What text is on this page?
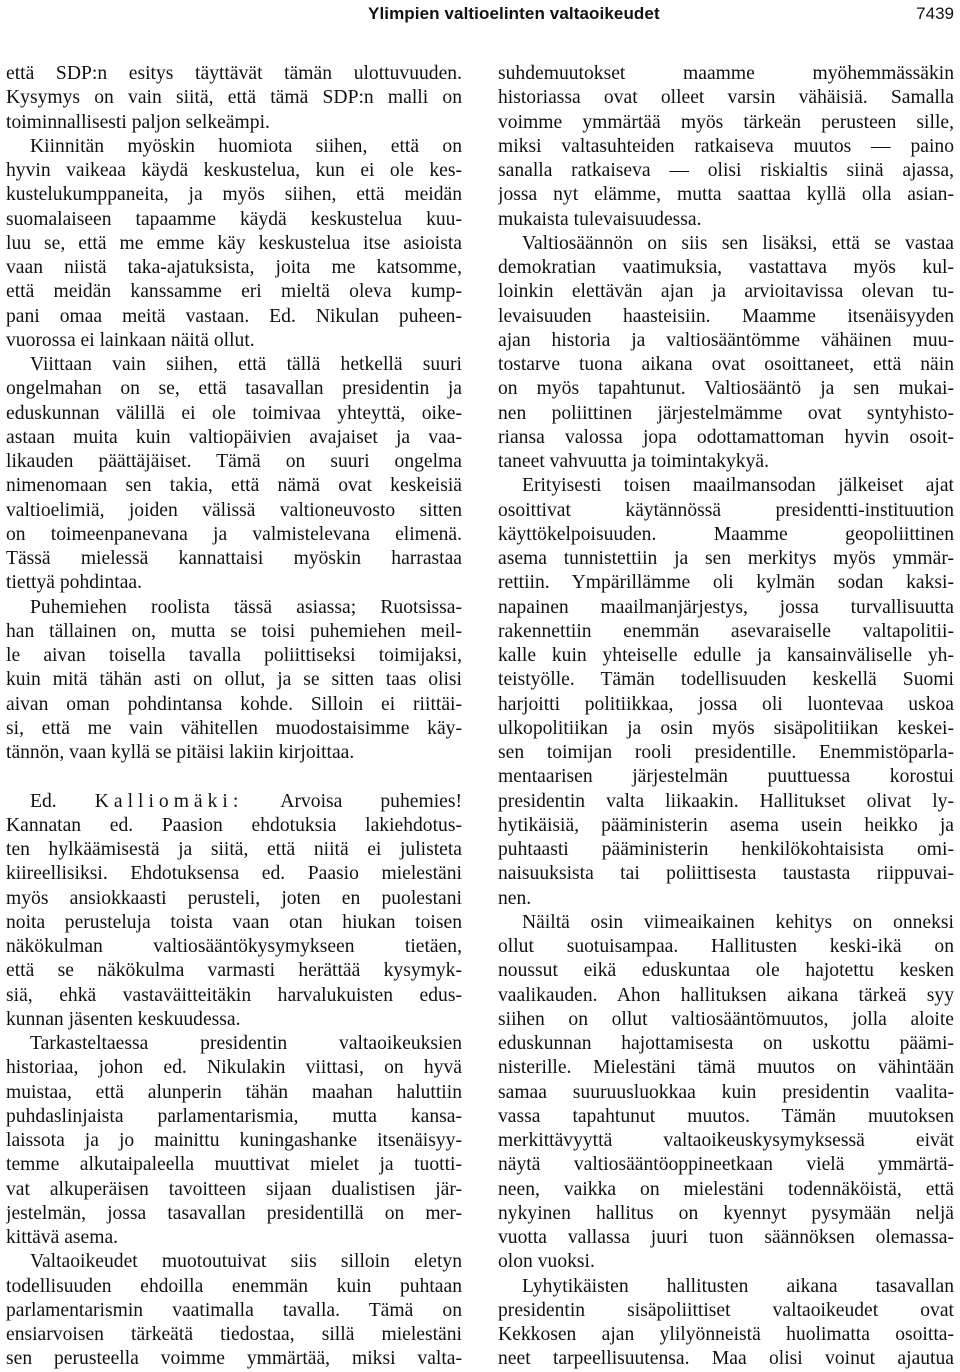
Ylimpien valtioelinten valtaoikeudet	7439
että SDP:n esitys täyttävät tämän ulottuvuuden.
Kysymys on vain siitä, että tämä SDP:n malli on
toiminnallisesti paljon selkeämpi.
Kiinnitän myöskin huomiota siihen, että on
hyvin vaikeaa käydä keskustelua, kun ei ole kes-
kustelukumppaneita, ja myös siihen, että meidän
suomalaiseen tapaamme käydä keskustelua kuu-
luu se, että me emme käy keskustelua itse asioista
vaan niistä taka-ajatuksista, joita me katsomme,
että meidän kanssamme eri mieltä oleva kump-
pani omaa meitä vastaan. Ed. Nikulan puheen-
vuorossa ei lainkaan näitä ollut.
Viittaan vain siihen, että tällä hetkellä suuri
ongelmahan on se, että tasavallan presidentin ja
eduskunnan välillä ei ole toimivaa yhteyttä, oike-
astaan muita kuin valtiopäivien avajaiset ja vaa-
likauden päättäjäiset. Tämä on suuri ongelma
nimenomaan sen takia, että nämä ovat keskeisiä
valtioelimiä, joiden välissä valtioneuvosto sitten
on toimeenpanevana ja valmistelevana elimenä.
Tässä mielessä kannattaisi myöskin harrastaa
tiettyä pohdintaa.
Puhemiehen roolista tässä asiassa; Ruotsissa-
han tällainen on, mutta se toisi puhemiehen meil-
le aivan toisella tavalla poliittiseksi toimijaksi,
kuin mitä tähän asti on ollut, ja se sitten taas olisi
aivan oman pohdintansa kohde. Silloin ei riittäi-
si, että me vain vähitellen muodostaisimme käy-
tännön, vaan kyllä se pitäisi lakiin kirjoittaa.
Ed. Kalliomäki: Arvoisa puhemies!
Kannatan ed. Paasion ehdotuksia lakiehdotus-
ten hylkäämisestä ja siitä, että niitä ei julisteta
kiireellisiksi. Ehdotuksensa ed. Paasio mielestäni
myös ansiokkaasti perusteli, joten en puolestani
noita perusteluja toista vaan otan hiukan toisen
näkökulman valtiosääntökysymykseen tietäen,
että se näkökulma varmasti herättää kysymyk-
siä, ehkä vastaväitteitäkin harvalukuisten edus-
kunnan jäsenten keskuudessa.
Tarkasteltaessa presidentin valtaoikeuksien
historiaa, johon ed. Nikulakin viittasi, on hyvä
muistaa, että alunperin tähän maahan haluttiin
puhdaslinjaista parlamentarismia, mutta kansa-
laissota ja jo mainittu kuningashanke itsenäisyy-
temme alkutaipaleella muuttivat mielet ja tuotti-
vat alkuperäisen tavoitteen sijaan dualistisen jär-
jestelmän, jossa tasavallan presidentillä on mer-
kittävä asema.
Valtaoikeudet muotoutuivat siis silloin eletyn
todellisuuden ehdoilla enemmän kuin puhtaan
parlamentarismin vaatimalla tavalla. Tämä on
ensiarvoisen tärkeätä tiedostaa, sillä mielestäni
sen perusteella voimme ymmärtää, miksi valta-
suhdemuutokset maamme myöhemmässäkin
historiassa ovat olleet varsin vähäisiä. Samalla
voimme ymmärtää myös tärkeän perusteen sille,
miksi valtasuhteiden ratkaiseva muutos — paino
sanalla ratkaiseva — olisi riskialtis siinä ajassa,
jossa nyt elämme, mutta saattaa kyllä olla asian-
mukaista tulevaisuudessa.
Valtiosäännön on siis sen lisäksi, että se vastaa
demokratian vaatimuksia, vastattava myös kul-
loinkin elettävän ajan ja arvioitavissa olevan tu-
levaisuuden haasteisiin. Maamme itsenäisyyden
ajan historia ja valtiosääntömme vähäinen muu-
tostarve tuona aikana ovat osoittaneet, että näin
on myös tapahtunut. Valtiosääntö ja sen mukai-
nen poliittinen järjestelmämme ovat syntyhisto-
riansa valossa jopa odottamattoman hyvin osoit-
taneet vahvuutta ja toimintakykyä.
Erityisesti toisen maailmansodan jälkeiset ajat
osoittivat käytännössä presidentti-instituution
käyttökelpoisuuden. Maamme geopoliittinen
asema tunnistettiin ja sen merkitys myös ymmär-
rettiin. Ympärillämme oli kylmän sodan kaksi-
napainen maailmanjärjestys, jossa turvallisuutta
rakennettiin enemmän asevaraiselle valtapolitii-
kalle kuin yhteiselle edulle ja kansainväliselle yh-
teistyölle. Tämän todellisuuden keskellä Suomi
harjoitti politiikkaa, jossa oli luontevaa uskoa
ulkopolitiikan ja osin myös sisäpolitiikan keskei-
sen toimijan rooli presidentille. Enemmistöparla-
mentaarisen järjestelmän puuttuessa korostui
presidentin valta liikaakin. Hallitukset olivat ly-
hytikäisiä, pääministerin asema usein heikko ja
puhtaasti pääministerin henkilökohtaisista omi-
naisuuksista tai poliittisesta taustasta riippuvai-
nen.
Näiltä osin viimeaikainen kehitys on onneksi
ollut suotuisampaa. Hallitusten keski-ikä on
noussut eikä eduskuntaa ole hajotettu kesken
vaalikauden. Ahon hallituksen aikana tärkeä syy
siihen on ollut valtiosääntömuutos, jolla aloite
eduskunnan hajottamisesta on uskottu päämi-
nisterille. Mielestäni tämä muutos on vähintään
samaa suuruusluokkaa kuin presidentin vaalita-
vassa tapahtunut muutos. Tämän muutoksen
merkittävyyttä valtaoikeuskysymyksessä eivät
näytä valtiosääntöoppineetkaan vielä ymmärtä-
neen, vaikka on mielestäni todennäköistä, että
nykyinen hallitus on kyennyt pysymään neljä
vuotta vallassa juuri tuon säännöksen olemassa-
olon vuoksi.
Lyhytikäisten hallitusten aikana tasavallan
presidentin sisäpoliittiset valtaoikeudet ovat
Kekkosen ajan ylilyönneistä huolimatta osoitta-
neet tarpeellisuutensa. Maa olisi voinut ajautua
